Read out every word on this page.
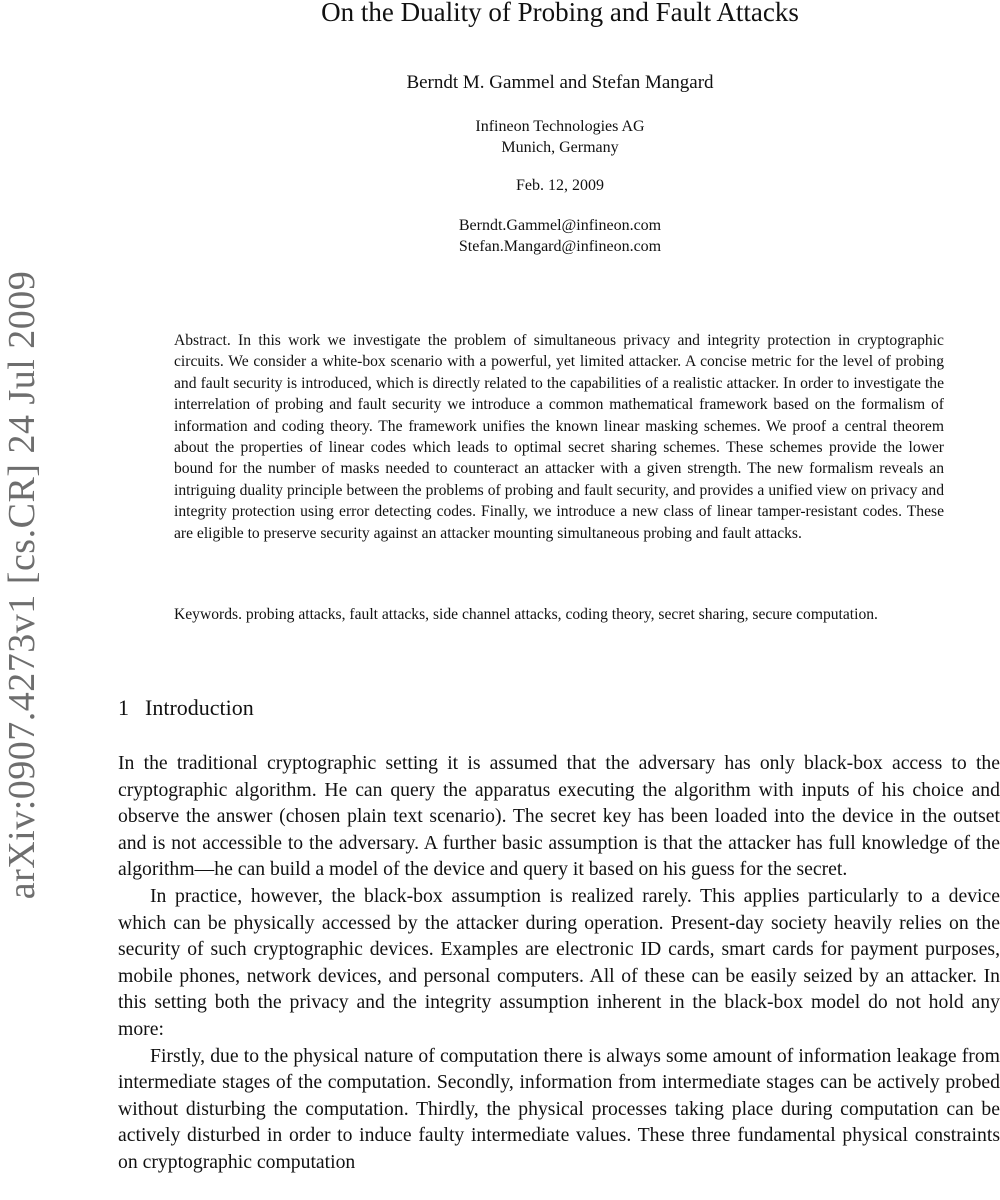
arXiv:0907.4273v1 [cs.CR] 24 Jul 2009
On the Duality of Probing and Fault Attacks
Berndt M. Gammel and Stefan Mangard
Infineon Technologies AG
Munich, Germany
Feb. 12, 2009
Berndt.Gammel@infineon.com
Stefan.Mangard@infineon.com
Abstract. In this work we investigate the problem of simultaneous privacy and integrity protection in cryptographic circuits. We consider a white-box scenario with a powerful, yet limited attacker. A concise metric for the level of probing and fault security is introduced, which is directly related to the capabilities of a realistic attacker. In order to investigate the interrelation of probing and fault security we introduce a common mathematical framework based on the formalism of information and coding theory. The framework unifies the known linear masking schemes. We proof a central theorem about the properties of linear codes which leads to optimal secret sharing schemes. These schemes provide the lower bound for the number of masks needed to counteract an attacker with a given strength. The new formalism reveals an intriguing duality principle between the problems of probing and fault security, and provides a unified view on privacy and integrity protection using error detecting codes. Finally, we introduce a new class of linear tamper-resistant codes. These are eligible to preserve security against an attacker mounting simultaneous probing and fault attacks.
Keywords. probing attacks, fault attacks, side channel attacks, coding theory, secret sharing, secure computation.
1 Introduction

In the traditional cryptographic setting it is assumed that the adversary has only black-box access to the cryptographic algorithm. He can query the apparatus executing the algorithm with inputs of his choice and observe the answer (chosen plain text scenario). The secret key has been loaded into the device in the outset and is not accessible to the adversary. A further basic assumption is that the attacker has full knowledge of the algorithm—he can build a model of the device and query it based on his guess for the secret.

In practice, however, the black-box assumption is realized rarely. This applies particularly to a device which can be physically accessed by the attacker during operation. Present-day society heavily relies on the security of such cryptographic devices. Examples are electronic ID cards, smart cards for payment purposes, mobile phones, network devices, and personal computers. All of these can be easily seized by an attacker. In this setting both the privacy and the integrity assumption inherent in the black-box model do not hold any more:

Firstly, due to the physical nature of computation there is always some amount of information leakage from intermediate stages of the computation. Secondly, information from intermediate stages can be actively probed without disturbing the computation. Thirdly, the physical processes taking place during computation can be actively disturbed in order to induce faulty intermediate values. These three fundamental physical constraints on cryptographic computation
